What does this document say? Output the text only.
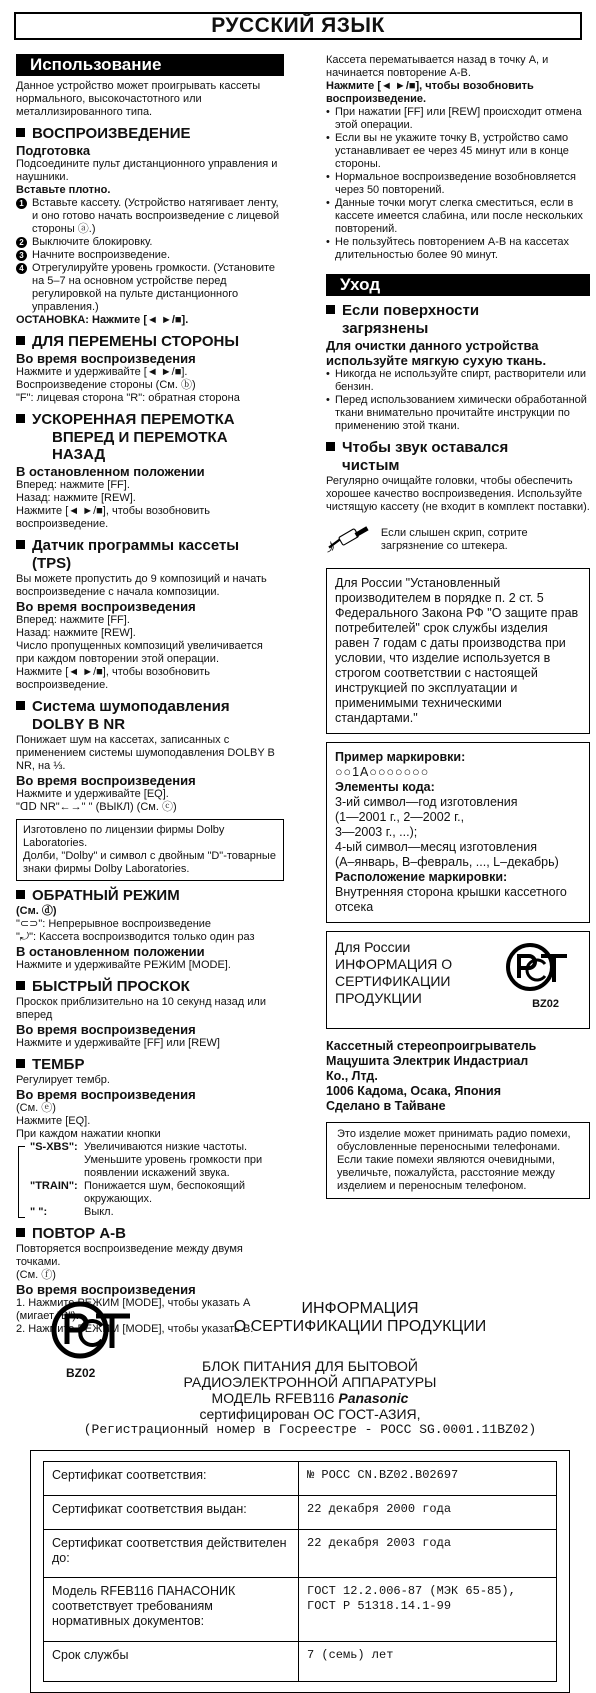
РУССКИЙ ЯЗЫК
Использование

Данное устройство может проигрывать кассеты нормального, высокочастотного или металлизированного типа.

ВОСПРОИЗВЕДЕНИЕ
Подготовка

Подсоедините пульт дистанционного управления и наушники.

Вставьте плотно.

1 Вставьте кассету. (Устройство натягивает ленту, и оно готово начать воспроизведение с лицевой стороны ⓐ.)
2 Выключите блокировку.
3 Начните воспроизведение.
4 Отрегулируйте уровень громкости. (Установите на 5–7 на основном устройстве перед регулировкой на пульте дистанционного управления.)

ОСТАНОВКА: Нажмите [◄ ►/■].

ДЛЯ ПЕРЕМЕНЫ СТОРОНЫ
Во время воспроизведения

Нажмите и удерживайте [◄ ►/■].

Воспроизведение стороны (См. ⓑ)

"F": лицевая сторона "R": обратная сторона

УСКОРЕННАЯ ПЕРЕМОТКА
ВПЕРЕД И ПЕРЕМОТКА НАЗАД
В остановленном положении

Вперед: нажмите [FF].

Назад: нажмите [REW].

Нажмите [◄ ►/■], чтобы возобновить воспроизведение.

Датчик программы кассеты
(TPS)

Вы можете пропустить до 9 композиций и начать воспроизведение с начала композиции.

Во время воспроизведения

Вперед: нажмите [FF].

Назад: нажмите [REW].

Число пропущенных композиций увеличивается при каждом повторении этой операции.

Нажмите [◄ ►/■], чтобы возобновить воспроизведение.

Система шумоподавления
DOLBY B NR

Понижает шум на кассетах, записанных с применением системы шумоподавления DOLBY B NR, на ⅓.

Во время воспроизведения

Нажмите и удерживайте [EQ].

"ᗡᗞ NR"←→" " (ВЫКЛ) (См. ⓒ)

Изготовлено по лицензии фирмы Dolby Laboratories.

Долби, "Dolby" и символ с двойным "D"-товарные знаки фирмы Dolby Laboratories.

ОБРАТНЫЙ РЕЖИМ

(См. ⓓ)

"⊂⊃": Непрерывное воспроизведение

"⤾": Кассета воспроизводится только один раз

В остановленном положении

Нажмите и удерживайте РЕЖИМ [MODE].

БЫСТРЫЙ ПРОСКОК

Проскок приблизительно на 10 секунд назад или вперед

Во время воспроизведения

Нажмите и удерживайте [FF] или [REW]

ТЕМБР

Регулирует тембр.

Во время воспроизведения

(См. ⓔ)

Нажмите [EQ].

При каждом нажатии кнопки

"S-XBS": Увеличиваются низкие частоты.
Уменьшите уровень громкости при появлении искажений звука.
"TRAIN": Понижается шум, беспокоящий окружающих.
" ":	Выкл.
ПОВТОР А-В

Повторяется воспроизведение между двумя точками.

(См. ⓕ)

Во время воспроизведения

1. Нажмите РЕЖИМ [MODE], чтобы указать А (мигает "В").

2. Нажмите РЕЖИМ [MODE], чтобы указать В.

Кассета перематывается назад в точку А, и начинается повторение А-В.

Нажмите [◄ ►/■], чтобы возобновить воспроизведение.

• При нажатии [FF] или [REW] происходит отмена этой операции.
• Если вы не укажите точку В, устройство само устанавливает ее через 45 минут или в конце стороны.
• Нормальное воспроизведение возобновляется через 50 повторений.
• Данные точки могут слегка сместиться, если в кассете имеется слабина, или после нескольких повторений.
• Не пользуйтесь повторением А-В на кассетах длительностью более 90 минут.
Уход
Если поверхности
загрязнены
Для очистки данного устройства используйте мягкую сухую ткань.
• Никогда не используйте спирт, растворители или бензин.
• Перед использованием химически обработанной ткани внимательно прочитайте инструкции по применению этой ткани.
Чтобы звук оставался
чистым

Регулярно очищайте головки, чтобы обеспечить хорошее качество воспроизведения. Используйте чистящую кассету (не входит в комплект поставки).

Если слышен скрип, сотрите загрязнение со штекера.
Для России "Установленный производителем в порядке п. 2 ст. 5 Федерального Закона РФ "О защите прав потребителей" срок службы изделия равен 7 годам с даты производства при условии, что изделие используется в строгом соответствии с настоящей инструкцией по эксплуатации и применимыми техническими стандартами."
Пример маркировки:
○○1А○○○○○○○
Элементы кода:
3-ий символ—год изготовления
(1—2001 г., 2—2002 г.,
3—2003 г., ...);
4-ый символ—месяц изготовления
(А–январь, В–февраль, ..., L–декабрь)
Расположение маркировки:
Внутренняя сторона крышки кассетного отсека
Для России
ИНФОРМАЦИЯ О
СЕРТИФИКАЦИИ
ПРОДУКЦИИ	BZ02
Кассетный стереопроигрыватель
Мацушита Электрик Индастриал
Ко., Лтд.
1006 Кадома, Осака, Япония
Сделано в Тайване
Это изделие может принимать радио помехи, обусловленные переносными телефонами. Если такие помехи являются очевидными, увеличьте, пожалуйста, расстояние между изделием и переносным телефоном.
BZ02
ИНФОРМАЦИЯ
О СЕРТИФИКАЦИИ ПРОДУКЦИИ
БЛОК ПИТАНИЯ ДЛЯ БЫТОВОЙ
РАДИОЭЛЕКТРОННОЙ АППАРАТУРЫ
МОДЕЛЬ RFEB116 Panasonic
сертифицирован ОС ГОСТ-АЗИЯ,
(Регистрационный номер в Госреестре - РОСС SG.0001.11BZ02)
Сертификат соответствия:	№ РОСС CN.BZ02.B02697
Сертификат соответствия выдан:	22 декабря 2000 года
Сертификат соответствия действителен до:	22 декабря 2003 года
Модель RFEB116 ПАНАСОНИК соответствует требованиям нормативных документов:	ГОСТ 12.2.006-87 (МЭК 65-85), ГОСТ Р 51318.14.1-99
Срок службы	7 (семь) лет
